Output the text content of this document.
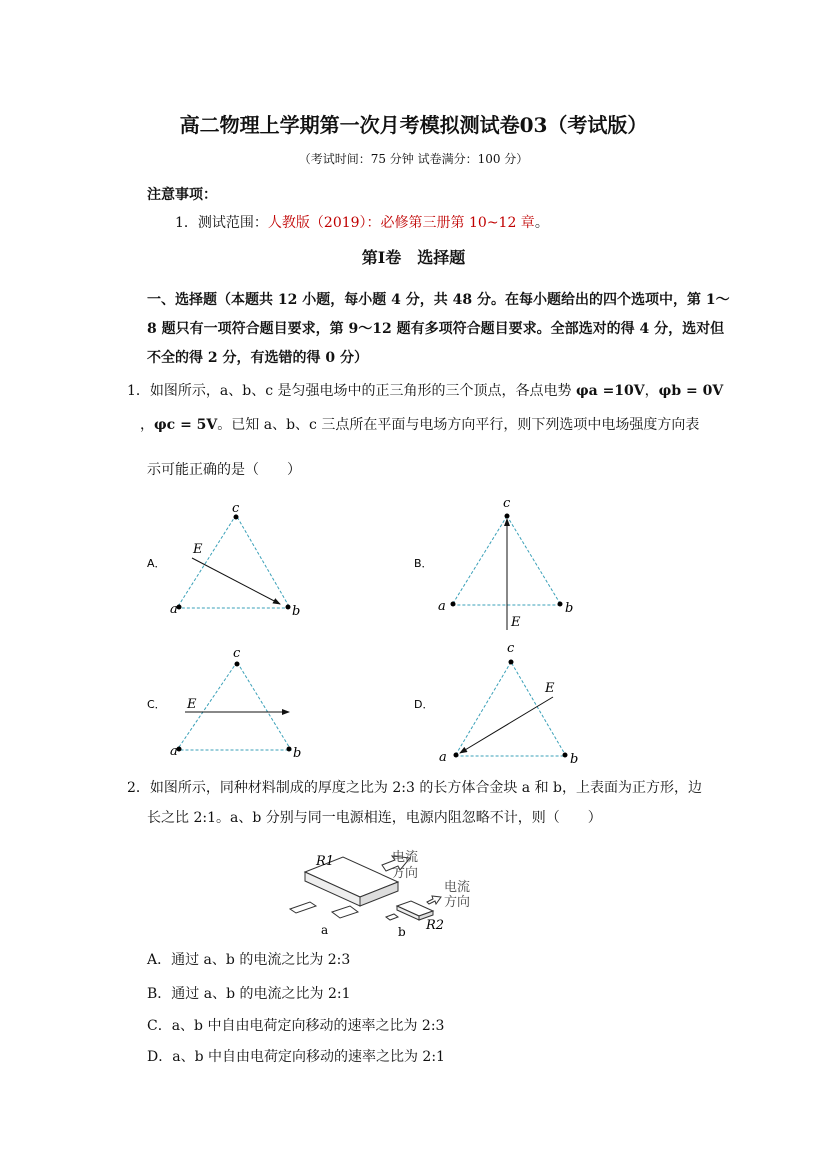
高二物理上学期第一次月考模拟测试卷03（考试版）
（考试时间：75 分钟 试卷满分：100 分）
注意事项：
1．测试范围：人教版（2019）：必修第三册第 10~12 章。
第Ⅰ卷　选择题
一、选择题（本题共 12 小题，每小题 4 分，共 48 分。在每小题给出的四个选项中，第 1～
8 题只有一项符合题目要求，第 9～12 题有多项符合题目要求。全部选对的得 4 分，选对但
不全的得 2 分，有选错的得 0 分）
1．如图所示，a、b、c 是匀强电场中的正三角形的三个顶点，各点电势 φa =10V，φb = 0V
，φc = 5V。已知 a、b、c 三点所在平面与电场方向平行，则下列选项中电场强度方向表
示可能正确的是（　　）
A．
E
c
a	b
B．
E
c
a	b
C． E
c
a	b
D．
E
c
a	b
R1
R2
a	b
电流
方向
电流
方向
2．如图所示，同种材料制成的厚度之比为 2:3 的长方体合金块 a 和 b，上表面为正方形，边
长之比 2:1。a、b 分别与同一电源相连，电源内阻忽略不计，则（　　）
A．通过 a、b 的电流之比为 2:3
B．通过 a、b 的电流之比为 2:1
C．a、b 中自由电荷定向移动的速率之比为 2:3
D．a、b 中自由电荷定向移动的速率之比为 2:1
